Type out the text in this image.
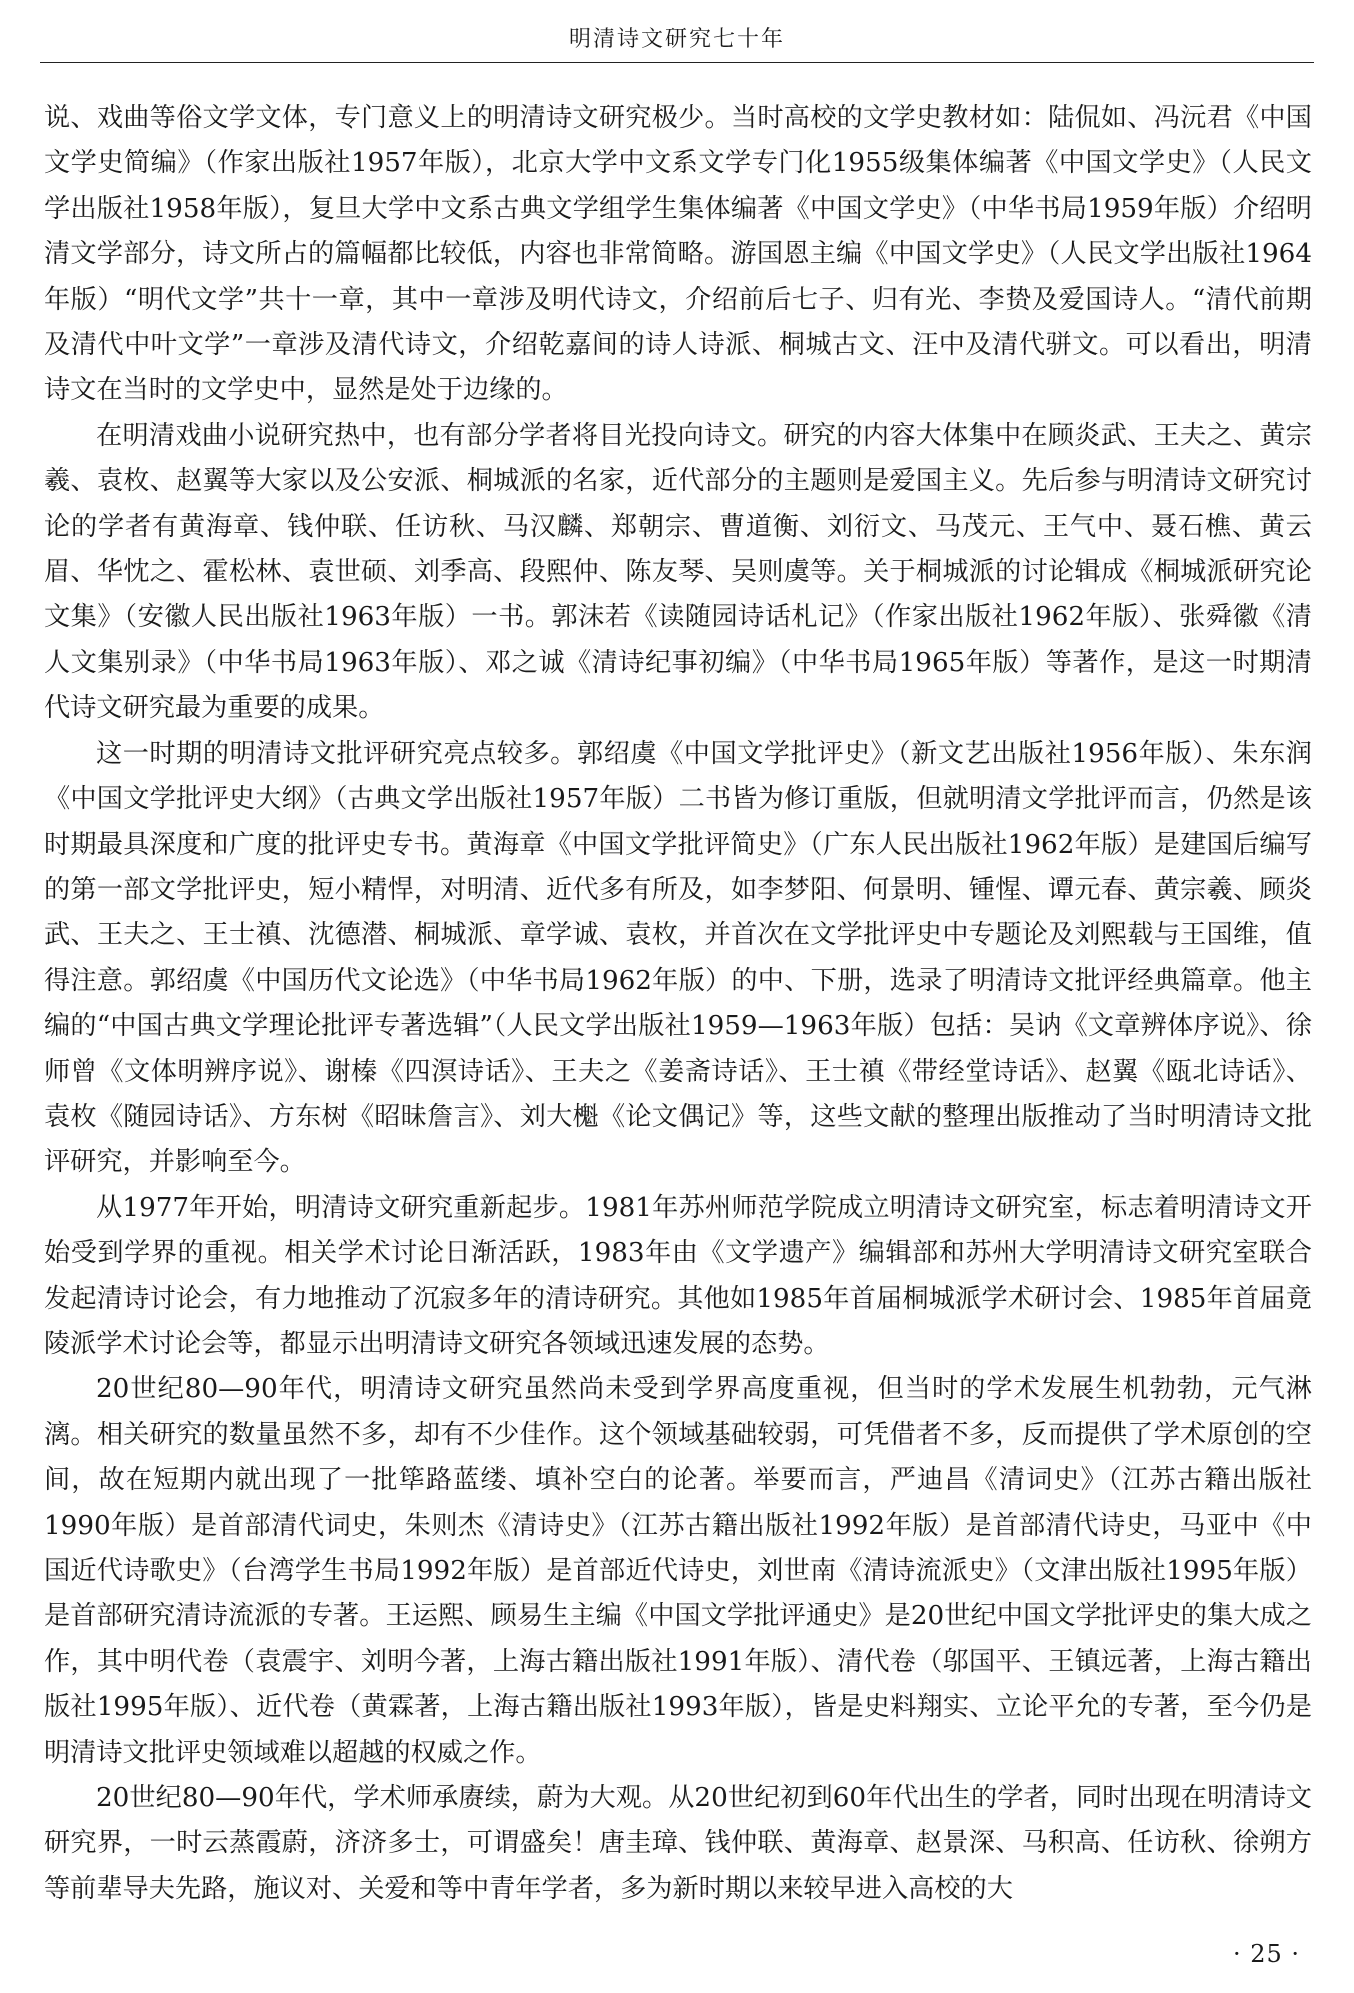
明清诗文研究七十年

说、戏曲等俗文学文体，专门意义上的明清诗文研究极少。当时高校的文学史教材如：陆侃如、冯沅君《中国文学史简编》（作家出版社1957年版），北京大学中文系文学专门化1955级集体编著《中国文学史》（人民文学出版社1958年版），复旦大学中文系古典文学组学生集体编著《中国文学史》（中华书局1959年版）介绍明清文学部分，诗文所占的篇幅都比较低，内容也非常简略。游国恩主编《中国文学史》（人民文学出版社1964年版）“明代文学”共十一章，其中一章涉及明代诗文，介绍前后七子、归有光、李贽及爱国诗人。“清代前期及清代中叶文学”一章涉及清代诗文，介绍乾嘉间的诗人诗派、桐城古文、汪中及清代骈文。可以看出，明清诗文在当时的文学史中，显然是处于边缘的。

在明清戏曲小说研究热中，也有部分学者将目光投向诗文。研究的内容大体集中在顾炎武、王夫之、黄宗羲、袁枚、赵翼等大家以及公安派、桐城派的名家，近代部分的主题则是爱国主义。先后参与明清诗文研究讨论的学者有黄海章、钱仲联、任访秋、马汉麟、郑朝宗、曹道衡、刘衍文、马茂元、王气中、聂石樵、黄云眉、华忱之、霍松林、袁世硕、刘季高、段熙仲、陈友琴、吴则虞等。关于桐城派的讨论辑成《桐城派研究论文集》（安徽人民出版社1963年版）一书。郭沫若《读随园诗话札记》（作家出版社1962年版）、张舜徽《清人文集别录》（中华书局1963年版）、邓之诚《清诗纪事初编》（中华书局1965年版）等著作，是这一时期清代诗文研究最为重要的成果。

这一时期的明清诗文批评研究亮点较多。郭绍虞《中国文学批评史》（新文艺出版社1956年版）、朱东润《中国文学批评史大纲》（古典文学出版社1957年版）二书皆为修订重版，但就明清文学批评而言，仍然是该时期最具深度和广度的批评史专书。黄海章《中国文学批评简史》（广东人民出版社1962年版）是建国后编写的第一部文学批评史，短小精悍，对明清、近代多有所及，如李梦阳、何景明、锺惺、谭元春、黄宗羲、顾炎武、王夫之、王士禛、沈德潜、桐城派、章学诚、袁枚，并首次在文学批评史中专题论及刘熙载与王国维，值得注意。郭绍虞《中国历代文论选》（中华书局1962年版）的中、下册，选录了明清诗文批评经典篇章。他主编的“中国古典文学理论批评专著选辑”（人民文学出版社1959—1963年版）包括：吴讷《文章辨体序说》、徐师曾《文体明辨序说》、谢榛《四溟诗话》、王夫之《姜斋诗话》、王士禛《带经堂诗话》、赵翼《瓯北诗话》、袁枚《随园诗话》、方东树《昭昧詹言》、刘大櫆《论文偶记》等，这些文献的整理出版推动了当时明清诗文批评研究，并影响至今。

从1977年开始，明清诗文研究重新起步。1981年苏州师范学院成立明清诗文研究室，标志着明清诗文开始受到学界的重视。相关学术讨论日渐活跃，1983年由《文学遗产》编辑部和苏州大学明清诗文研究室联合发起清诗讨论会，有力地推动了沉寂多年的清诗研究。其他如1985年首届桐城派学术研讨会、1985年首届竟陵派学术讨论会等，都显示出明清诗文研究各领域迅速发展的态势。

20世纪80—90年代，明清诗文研究虽然尚未受到学界高度重视，但当时的学术发展生机勃勃，元气淋漓。相关研究的数量虽然不多，却有不少佳作。这个领域基础较弱，可凭借者不多，反而提供了学术原创的空间，故在短期内就出现了一批筚路蓝缕、填补空白的论著。举要而言，严迪昌《清词史》（江苏古籍出版社1990年版）是首部清代词史，朱则杰《清诗史》（江苏古籍出版社1992年版）是首部清代诗史，马亚中《中国近代诗歌史》（台湾学生书局1992年版）是首部近代诗史，刘世南《清诗流派史》（文津出版社1995年版）是首部研究清诗流派的专著。王运熙、顾易生主编《中国文学批评通史》是20世纪中国文学批评史的集大成之作，其中明代卷（袁震宇、刘明今著，上海古籍出版社1991年版）、清代卷（邬国平、王镇远著，上海古籍出版社1995年版）、近代卷（黄霖著，上海古籍出版社1993年版），皆是史料翔实、立论平允的专著，至今仍是明清诗文批评史领域难以超越的权威之作。

20世纪80—90年代，学术师承赓续，蔚为大观。从20世纪初到60年代出生的学者，同时出现在明清诗文研究界，一时云蒸霞蔚，济济多士，可谓盛矣！唐圭璋、钱仲联、黄海章、赵景深、马积高、任访秋、徐朔方等前辈导夫先路，施议对、关爱和等中青年学者，多为新时期以来较早进入高校的大

· 25 ·
